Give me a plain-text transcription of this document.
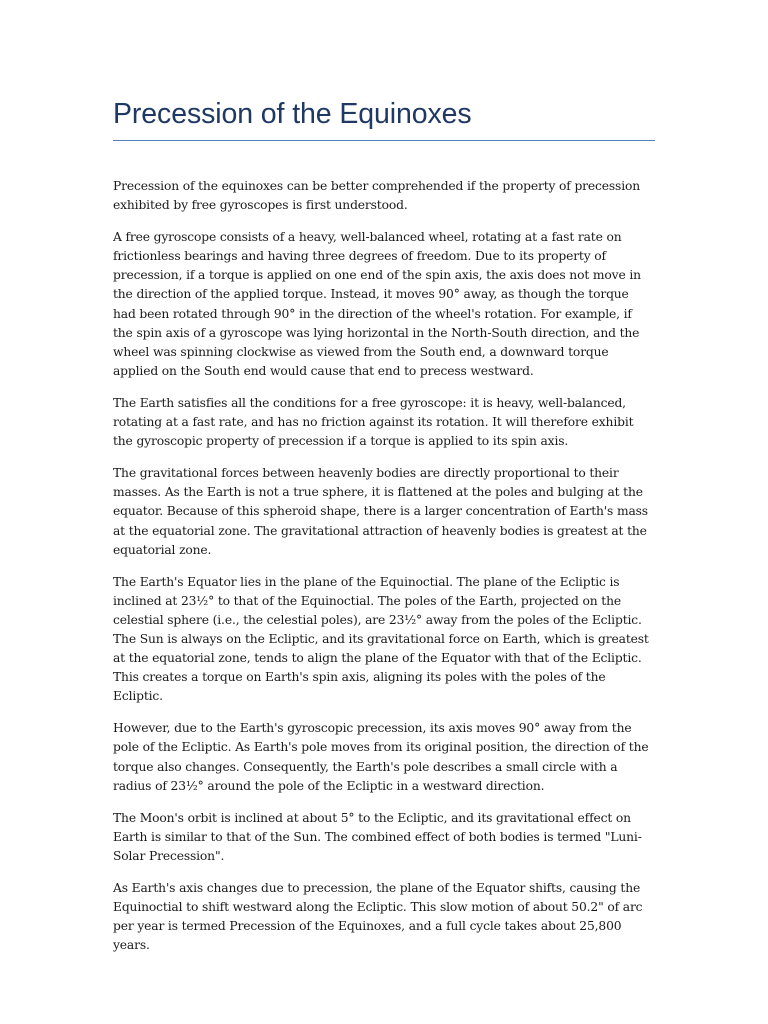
Precession of the Equinoxes

Precession of the equinoxes can be better comprehended if the property of precession exhibited by free gyroscopes is first understood.

A free gyroscope consists of a heavy, well-balanced wheel, rotating at a fast rate on frictionless bearings and having three degrees of freedom. Due to its property of precession, if a torque is applied on one end of the spin axis, the axis does not move in the direction of the applied torque. Instead, it moves 90° away, as though the torque had been rotated through 90° in the direction of the wheel's rotation. For example, if the spin axis of a gyroscope was lying horizontal in the North-South direction, and the wheel was spinning clockwise as viewed from the South end, a downward torque applied on the South end would cause that end to precess westward.

The Earth satisfies all the conditions for a free gyroscope: it is heavy, well-balanced, rotating at a fast rate, and has no friction against its rotation. It will therefore exhibit the gyroscopic property of precession if a torque is applied to its spin axis.

The gravitational forces between heavenly bodies are directly proportional to their masses. As the Earth is not a true sphere, it is flattened at the poles and bulging at the equator. Because of this spheroid shape, there is a larger concentration of Earth's mass at the equatorial zone. The gravitational attraction of heavenly bodies is greatest at the equatorial zone.

The Earth's Equator lies in the plane of the Equinoctial. The plane of the Ecliptic is inclined at 23½° to that of the Equinoctial. The poles of the Earth, projected on the celestial sphere (i.e., the celestial poles), are 23½° away from the poles of the Ecliptic. The Sun is always on the Ecliptic, and its gravitational force on Earth, which is greatest at the equatorial zone, tends to align the plane of the Equator with that of the Ecliptic. This creates a torque on Earth's spin axis, aligning its poles with the poles of the Ecliptic.

However, due to the Earth's gyroscopic precession, its axis moves 90° away from the pole of the Ecliptic. As Earth's pole moves from its original position, the direction of the torque also changes. Consequently, the Earth's pole describes a small circle with a radius of 23½° around the pole of the Ecliptic in a westward direction.

The Moon's orbit is inclined at about 5° to the Ecliptic, and its gravitational effect on Earth is similar to that of the Sun. The combined effect of both bodies is termed "Luni-Solar Precession".

As Earth's axis changes due to precession, the plane of the Equator shifts, causing the Equinoctial to shift westward along the Ecliptic. This slow motion of about 50.2" of arc per year is termed Precession of the Equinoxes, and a full cycle takes about 25,800 years.
